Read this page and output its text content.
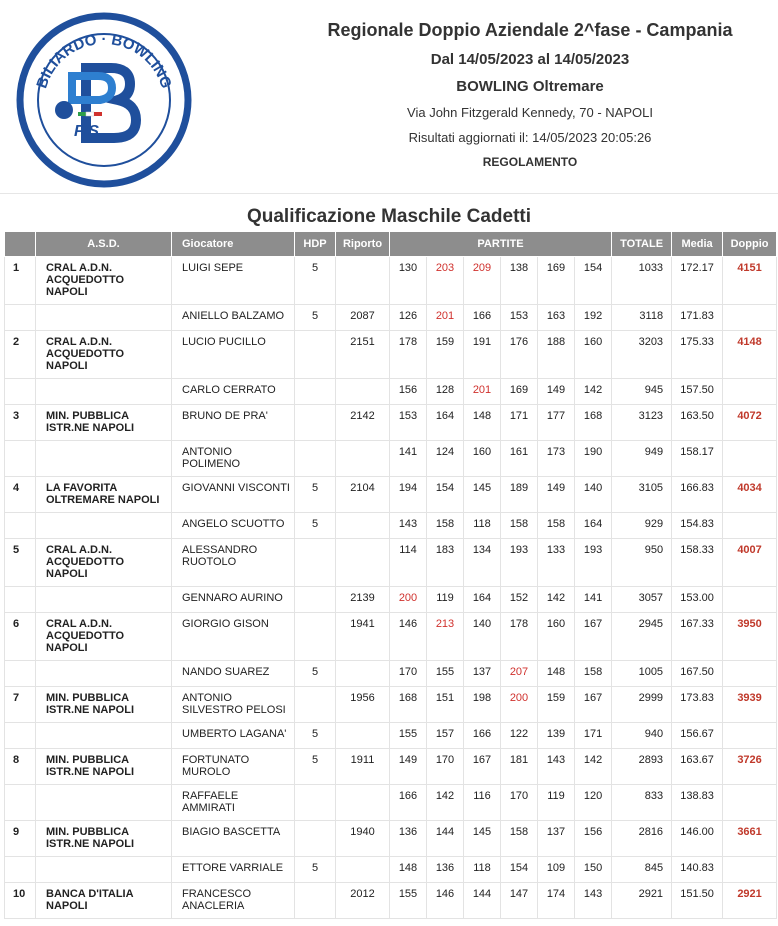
BILIARDO · BOWLING
FIS
Regionale Doppio Aziendale 2^fase - Campania
Dal 14/05/2023 al 14/05/2023
BOWLING Oltremare
Via John Fitzgerald Kennedy, 70 - NAPOLI
Risultati aggiornati il: 14/05/2023 20:05:26
REGOLAMENTO
Qualificazione Maschile Cadetti
	A.S.D.	Giocatore	HDP	Riporto	PARTITE						TOTALE	Media	Doppio
1	CRAL A.D.N. ACQUEDOTTO NAPOLI	LUIGI SEPE	5		130	203	209	138	169	154	1033	172.17	4151
		ANIELLO BALZAMO	5	2087	126	201	166	153	163	192	3118	171.83	
2	CRAL A.D.N. ACQUEDOTTO NAPOLI	LUCIO PUCILLO		2151	178	159	191	176	188	160	3203	175.33	4148
		CARLO CERRATO			156	128	201	169	149	142	945	157.50	
3	MIN. PUBBLICA ISTR.NE NAPOLI	BRUNO DE PRA'		2142	153	164	148	171	177	168	3123	163.50	4072
		ANTONIO POLIMENO			141	124	160	161	173	190	949	158.17	
4	LA FAVORITA OLTREMARE NAPOLI	GIOVANNI VISCONTI	5	2104	194	154	145	189	149	140	3105	166.83	4034
		ANGELO SCUOTTO	5		143	158	118	158	158	164	929	154.83	
5	CRAL A.D.N. ACQUEDOTTO NAPOLI	ALESSANDRO RUOTOLO			114	183	134	193	133	193	950	158.33	4007
		GENNARO AURINO		2139	200	119	164	152	142	141	3057	153.00	
6	CRAL A.D.N. ACQUEDOTTO NAPOLI	GIORGIO GISON		1941	146	213	140	178	160	167	2945	167.33	3950
		NANDO SUAREZ	5		170	155	137	207	148	158	1005	167.50	
7	MIN. PUBBLICA ISTR.NE NAPOLI	ANTONIO SILVESTRO PELOSI		1956	168	151	198	200	159	167	2999	173.83	3939
		UMBERTO LAGANA'	5		155	157	166	122	139	171	940	156.67	
8	MIN. PUBBLICA ISTR.NE NAPOLI	FORTUNATO MUROLO	5	1911	149	170	167	181	143	142	2893	163.67	3726
		RAFFAELE AMMIRATI			166	142	116	170	119	120	833	138.83	
9	MIN. PUBBLICA ISTR.NE NAPOLI	BIAGIO BASCETTA		1940	136	144	145	158	137	156	2816	146.00	3661
		ETTORE VARRIALE	5		148	136	118	154	109	150	845	140.83	
10	BANCA D'ITALIA NAPOLI	FRANCESCO ANACLERIA		2012	155	146	144	147	174	143	2921	151.50	2921
